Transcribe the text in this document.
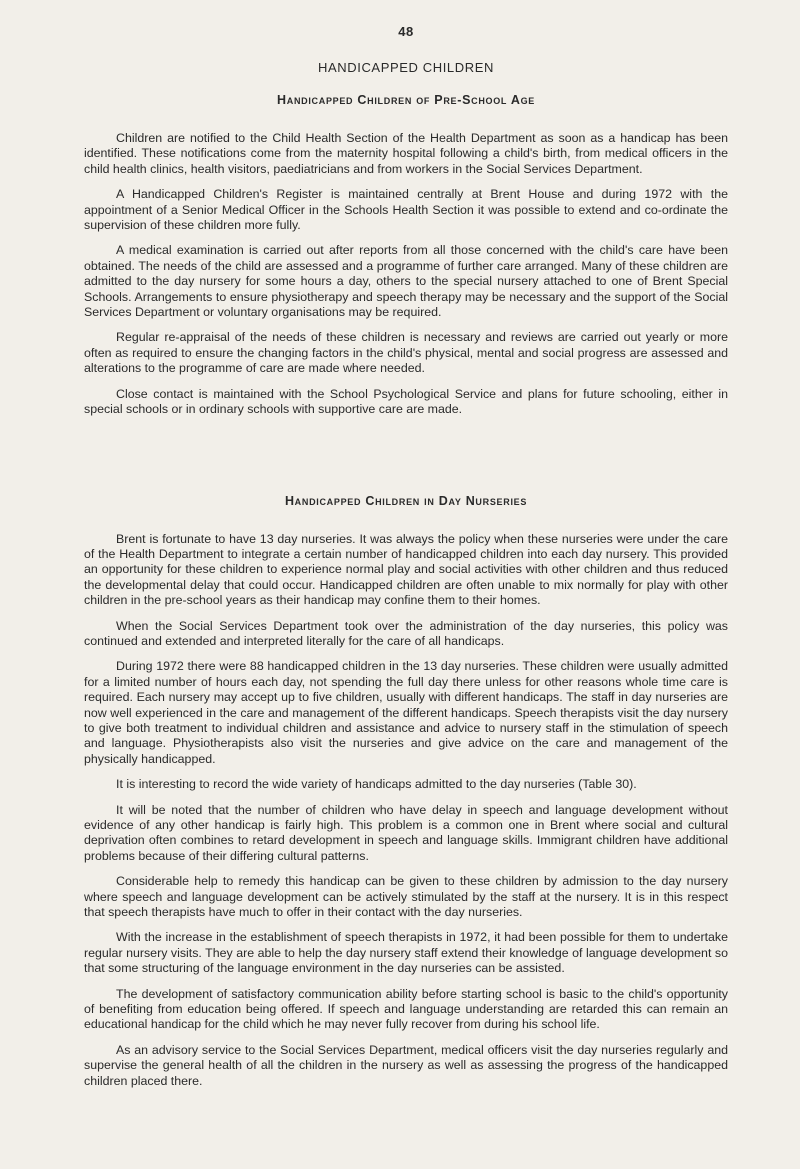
48
HANDICAPPED CHILDREN
Handicapped Children of Pre-School Age

Children are notified to the Child Health Section of the Health Department as soon as a handicap has been identified. These notifications come from the maternity hospital following a child's birth, from medical officers in the child health clinics, health visitors, paediatricians and from workers in the Social Services Department.

A Handicapped Children's Register is maintained centrally at Brent House and during 1972 with the appointment of a Senior Medical Officer in the Schools Health Section it was possible to extend and co-ordinate the supervision of these children more fully.

A medical examination is carried out after reports from all those concerned with the child's care have been obtained. The needs of the child are assessed and a programme of further care arranged. Many of these children are admitted to the day nursery for some hours a day, others to the special nursery attached to one of Brent Special Schools. Arrangements to ensure physiotherapy and speech therapy may be necessary and the support of the Social Services Department or voluntary organisations may be required.

Regular re-appraisal of the needs of these children is necessary and reviews are carried out yearly or more often as required to ensure the changing factors in the child's physical, mental and social progress are assessed and alterations to the programme of care are made where needed.

Close contact is maintained with the School Psychological Service and plans for future schooling, either in special schools or in ordinary schools with supportive care are made.

Handicapped Children in Day Nurseries

Brent is fortunate to have 13 day nurseries. It was always the policy when these nurseries were under the care of the Health Department to integrate a certain number of handicapped children into each day nursery. This provided an opportunity for these children to experience normal play and social activities with other children and thus reduced the developmental delay that could occur. Handicapped children are often unable to mix normally for play with other children in the pre-school years as their handicap may confine them to their homes.

When the Social Services Department took over the administration of the day nurseries, this policy was continued and extended and interpreted literally for the care of all handicaps.

During 1972 there were 88 handicapped children in the 13 day nurseries. These children were usually admitted for a limited number of hours each day, not spending the full day there unless for other reasons whole time care is required. Each nursery may accept up to five children, usually with different handicaps. The staff in day nurseries are now well experienced in the care and management of the different handicaps. Speech therapists visit the day nursery to give both treatment to individual children and assistance and advice to nursery staff in the stimulation of speech and language. Physiotherapists also visit the nurseries and give advice on the care and management of the physically handicapped.

It is interesting to record the wide variety of handicaps admitted to the day nurseries (Table 30).

It will be noted that the number of children who have delay in speech and language development without evidence of any other handicap is fairly high. This problem is a common one in Brent where social and cultural deprivation often combines to retard development in speech and language skills. Immigrant children have additional problems because of their differing cultural patterns.

Considerable help to remedy this handicap can be given to these children by admission to the day nursery where speech and language development can be actively stimulated by the staff at the nursery. It is in this respect that speech therapists have much to offer in their contact with the day nurseries.

With the increase in the establishment of speech therapists in 1972, it had been possible for them to undertake regular nursery visits. They are able to help the day nursery staff extend their knowledge of language development so that some structuring of the language environment in the day nurseries can be assisted.

The development of satisfactory communication ability before starting school is basic to the child's opportunity of benefiting from education being offered. If speech and language understanding are retarded this can remain an educational handicap for the child which he may never fully recover from during his school life.

As an advisory service to the Social Services Department, medical officers visit the day nurseries regularly and supervise the general health of all the children in the nursery as well as assessing the progress of the handicapped children placed there.
